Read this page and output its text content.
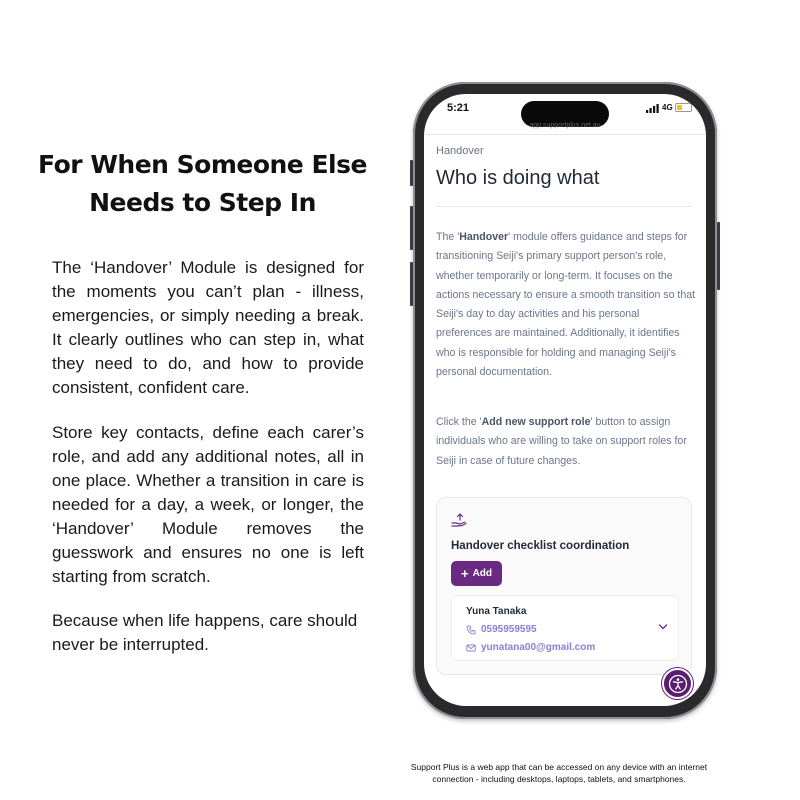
For When Someone Else
Needs to Step In

The ‘Handover’ Module is designed for the moments you can’t plan - illness, emergencies, or simply needing a break. It clearly outlines who can step in, what they need to do, and how to provide consistent, confident care.

Store key contacts, define each carer’s role, and add any additional notes, all in one place. Whether a transition in care is needed for a day, a week, or longer, the ‘Handover’ Module removes the guesswork and ensures no one is left starting from scratch.

Because when life happens, care should never be interrupted.

5:21	4G
app.supportplus.net.au
Handover
Who is doing what

The 'Handover' module offers guidance and steps for transitioning Seiji's primary support person's role, whether temporarily or long-term. It focuses on the actions necessary to ensure a smooth transition so that Seiji's day to day activities and his personal preferences are maintained. Additionally, it identifies who is responsible for holding and managing Seiji's personal documentation.

Click the 'Add new support role' button to assign individuals who are willing to take on support roles for Seiji in case of future changes.

Handover checklist coordination
+ Add
Yuna Tanaka
0595959595
yunatana00@gmail.com
Support Plus is a web app that can be accessed on any device with an internet
connection - including desktops, laptops, tablets, and smartphones.
